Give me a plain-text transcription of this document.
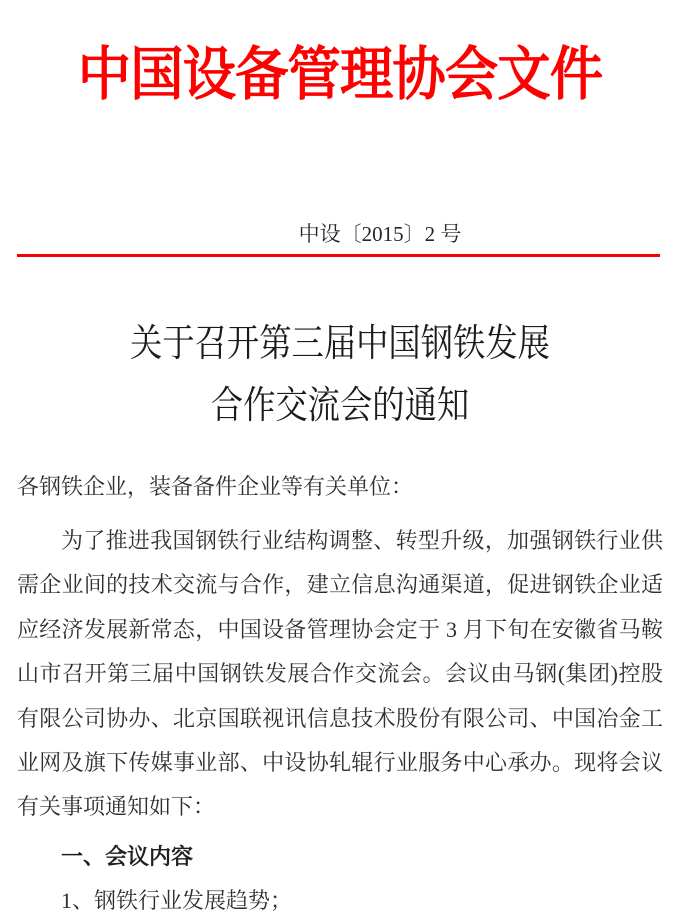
中国设备管理协会文件
中设〔2015〕2 号
关于召开第三届中国钢铁发展
合作交流会的通知
各钢铁企业，装备备件企业等有关单位：
为了推进我国钢铁行业结构调整、转型升级，加强钢铁行业供
需企业间的技术交流与合作，建立信息沟通渠道，促进钢铁企业适
应经济发展新常态，中国设备管理协会定于 3 月下旬在安徽省马鞍
山市召开第三届中国钢铁发展合作交流会。会议由马钢(集团)控股
有限公司协办、北京国联视讯信息技术股份有限公司、中国冶金工
业网及旗下传媒事业部、中设协轧辊行业服务中心承办。现将会议
有关事项通知如下：
一、会议内容
1、钢铁行业发展趋势；
